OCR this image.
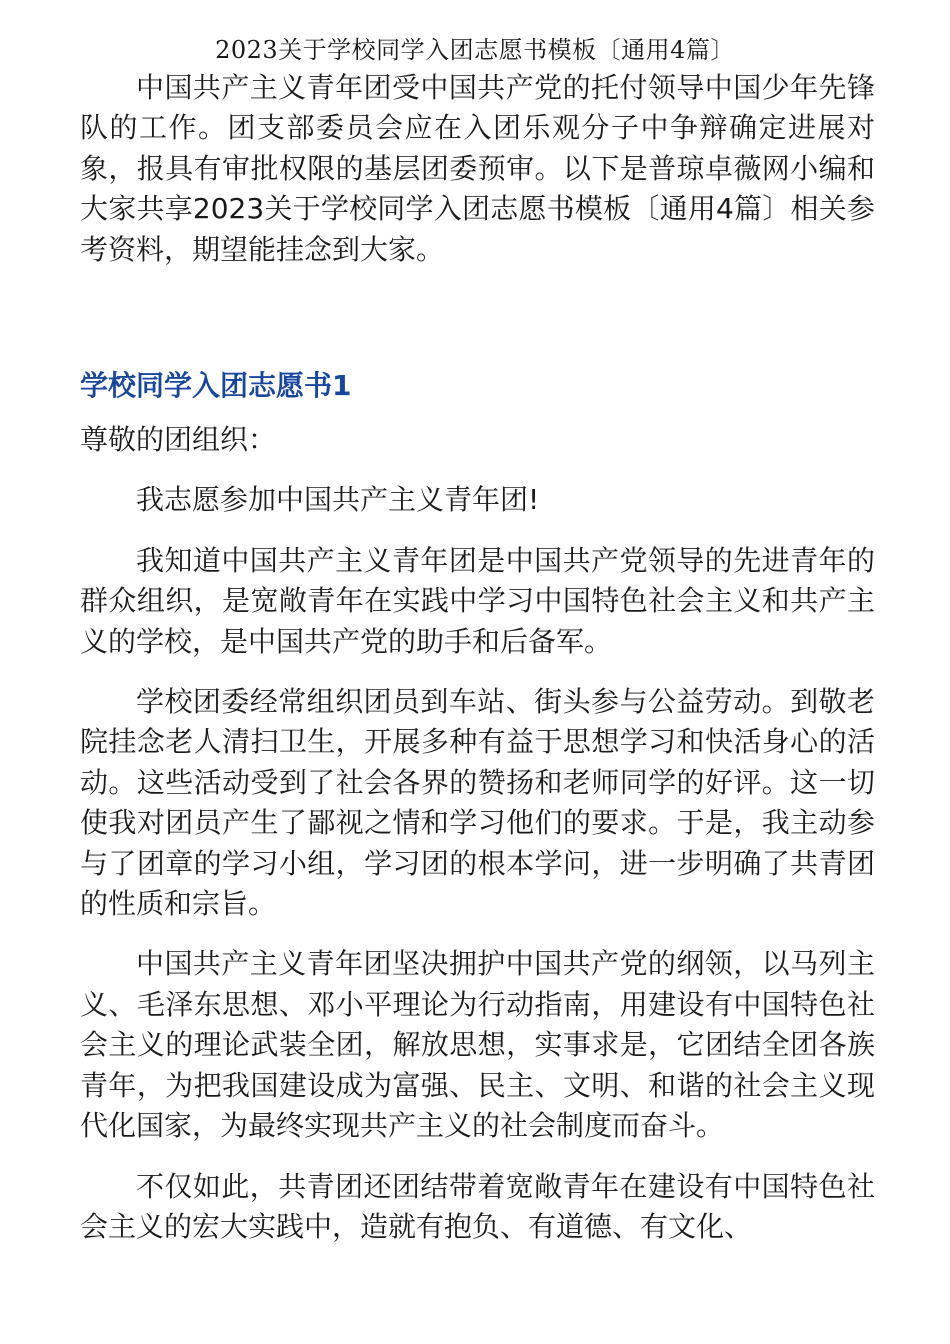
2023关于学校同学入团志愿书模板〔通用4篇〕

中国共产主义青年团受中国共产党的托付领导中国少年先锋队的工作。团支部委员会应在入团乐观分子中争辩确定进展对象，报具有审批权限的基层团委预审。以下是普琼卓薇网小编和大家共享2023关于学校同学入团志愿书模板〔通用4篇〕相关参考资料，期望能挂念到大家。

学校同学入团志愿书1

尊敬的团组织：

我志愿参加中国共产主义青年团!

我知道中国共产主义青年团是中国共产党领导的先进青年的群众组织，是宽敞青年在实践中学习中国特色社会主义和共产主义的学校，是中国共产党的助手和后备军。

学校团委经常组织团员到车站、街头参与公益劳动。到敬老院挂念老人清扫卫生，开展多种有益于思想学习和快活身心的活动。这些活动受到了社会各界的赞扬和老师同学的好评。这一切使我对团员产生了鄙视之情和学习他们的要求。于是，我主动参与了团章的学习小组，学习团的根本学问，进一步明确了共青团的性质和宗旨。

中国共产主义青年团坚决拥护中国共产党的纲领，以马列主义、毛泽东思想、邓小平理论为行动指南，用建设有中国特色社会主义的理论武装全团，解放思想，实事求是，它团结全团各族青年，为把我国建设成为富强、民主、文明、和谐的社会主义现代化国家，为最终实现共产主义的社会制度而奋斗。

不仅如此，共青团还团结带着宽敞青年在建设有中国特色社会主义的宏大实践中，造就有抱负、有道德、有文化、
